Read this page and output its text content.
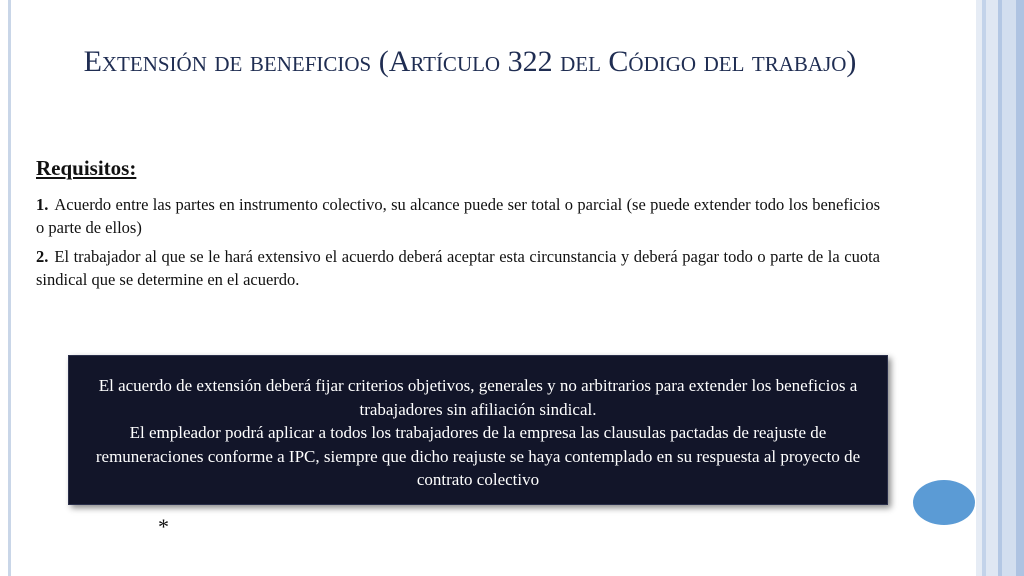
Extensión de beneficios (Artículo 322 del Código del trabajo)
Requisitos:
1. Acuerdo entre las partes en instrumento colectivo, su alcance puede ser total o parcial (se puede extender todo los beneficios o parte de ellos)
2. El trabajador al que se le hará extensivo el acuerdo deberá aceptar esta circunstancia y deberá pagar todo o parte de la cuota sindical que se determine en el acuerdo.

El acuerdo de extensión deberá fijar criterios objetivos, generales y no arbitrarios para extender los beneficios a trabajadores sin afiliación sindical.

El empleador podrá aplicar a todos los trabajadores de la empresa las clausulas pactadas de reajuste de remuneraciones conforme a IPC, siempre que dicho reajuste se haya contemplado en su respuesta al proyecto de contrato colectivo

*
